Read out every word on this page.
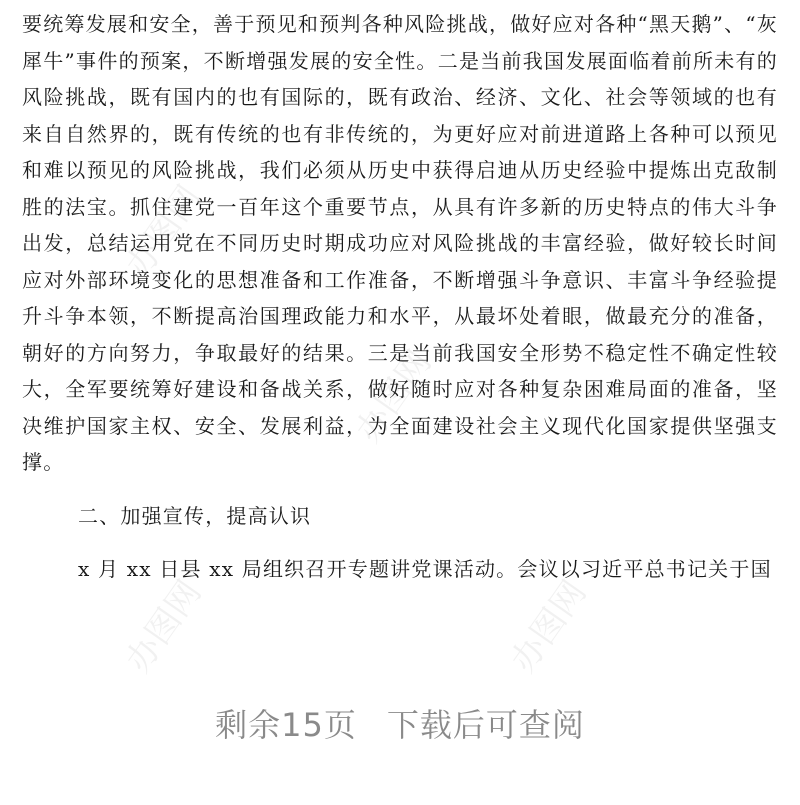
办图网
办图网
办图网	办图网

要统筹发展和安全，善于预见和预判各种风险挑战，做好应对各种“黑天鹅”、“灰犀牛”事件的预案，不断增强发展的安全性。二是当前我国发展面临着前所未有的风险挑战，既有国内的也有国际的，既有政治、经济、文化、社会等领域的也有来自自然界的，既有传统的也有非传统的，为更好应对前进道路上各种可以预见和难以预见的风险挑战，我们必须从历史中获得启迪从历史经验中提炼出克敌制胜的法宝。抓住建党一百年这个重要节点，从具有许多新的历史特点的伟大斗争出发，总结运用党在不同历史时期成功应对风险挑战的丰富经验，做好较长时间应对外部环境变化的思想准备和工作准备，不断增强斗争意识、丰富斗争经验提升斗争本领，不断提高治国理政能力和水平，从最坏处着眼，做最充分的准备，朝好的方向努力，争取最好的结果。三是当前我国安全形势不稳定性不确定性较大，全军要统筹好建设和备战关系，做好随时应对各种复杂困难局面的准备，坚决维护国家主权、安全、发展利益，为全面建设社会主义现代化国家提供坚强支撑。

二、加强宣传，提高认识

x 月 xx 日县 xx 局组织召开专题讲党课活动。会议以习近平总书记关于国

剩余15页 下载后可查阅
